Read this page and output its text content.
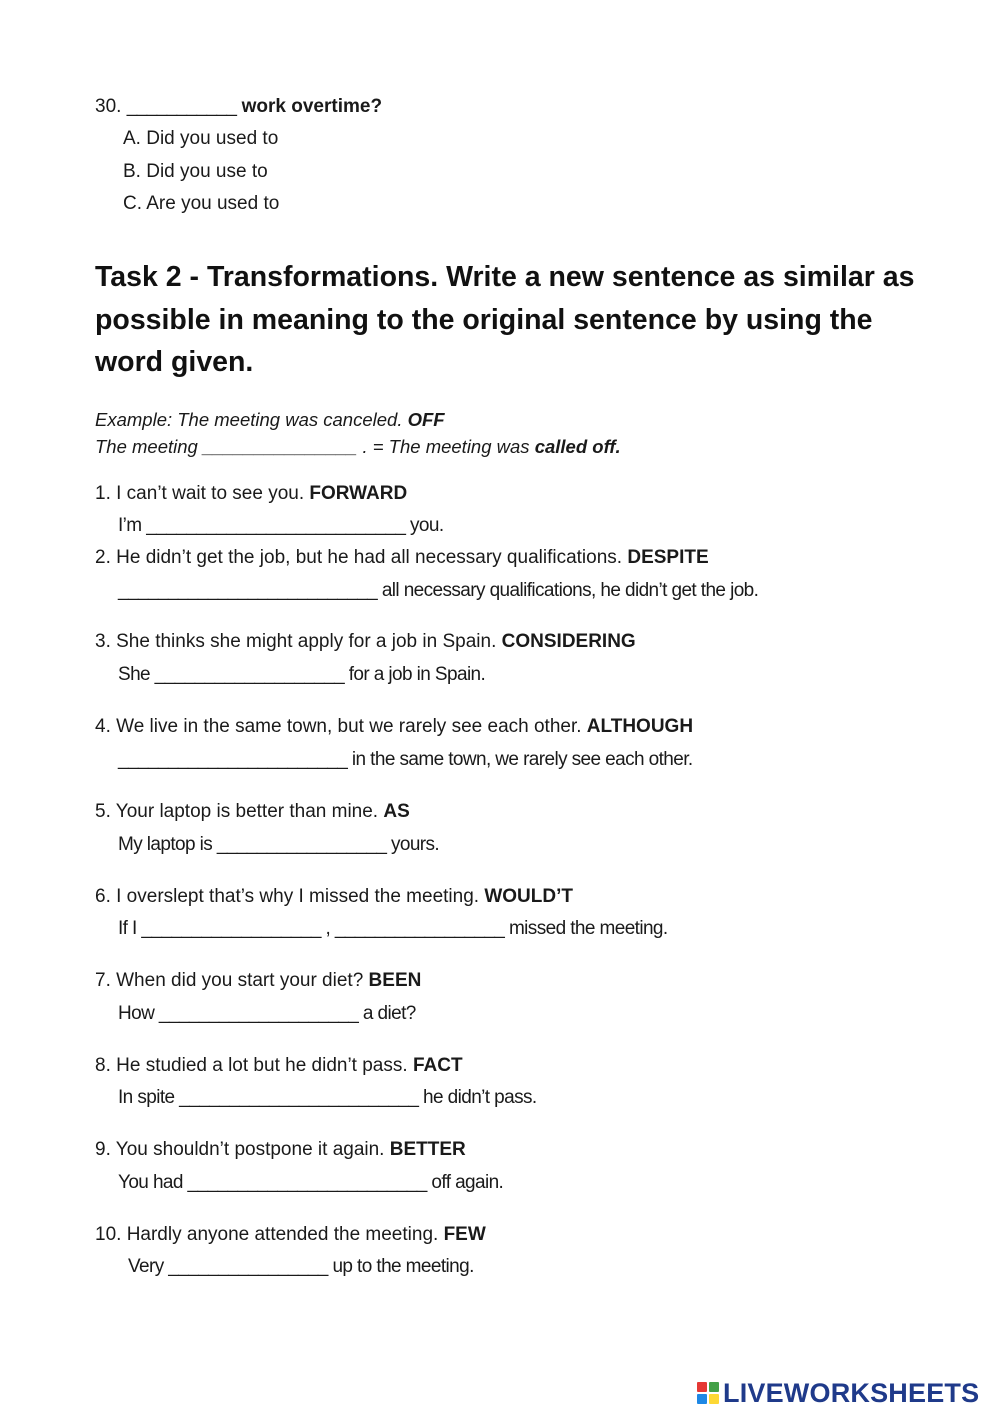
30. ___________ work overtime?
A. Did you used to
B. Did you use to
C. Are you used to
Task 2 - Transformations. Write a new sentence as similar as possible in meaning to the original sentence by using the word given.
Example: The meeting was canceled. OFF
The meeting _______________ . = The meeting was called off.
1. I can’t wait to see you. FORWARD
I’m __________________________ you.
2. He didn’t get the job, but he had all necessary qualifications. DESPITE
__________________________ all necessary qualifications, he didn’t get the job.
3. She thinks she might apply for a job in Spain. CONSIDERING
She ___________________ for a job in Spain.
4. We live in the same town, but we rarely see each other. ALTHOUGH
_______________________ in the same town, we rarely see each other.
5. Your laptop is better than mine. AS
My laptop is _________________ yours.
6. I overslept that’s why I missed the meeting. WOULD’T
If I __________________ , _________________ missed the meeting.
7. When did you start your diet? BEEN
How ____________________ a diet?
8. He studied a lot but he didn’t pass. FACT
In spite ________________________ he didn’t pass.
9. You shouldn’t postpone it again. BETTER
You had ________________________ off again.
10. Hardly anyone attended the meeting. FEW
Very ________________ up to the meeting.
LIVEWORKSHEETS
